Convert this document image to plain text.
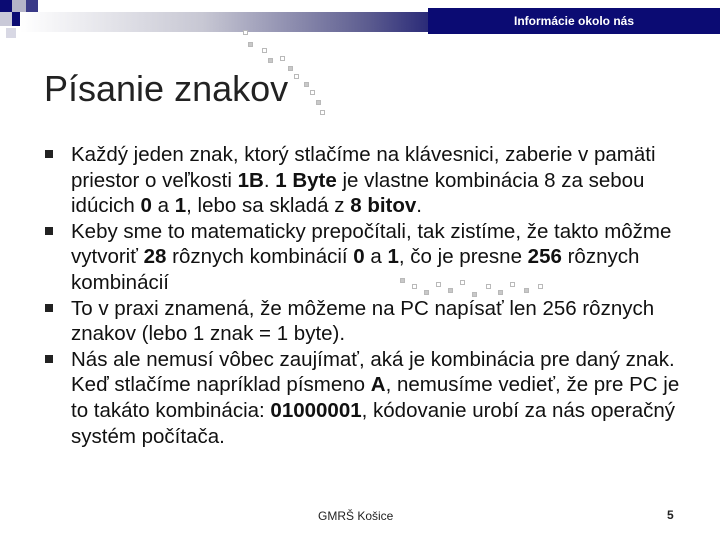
Informácie okolo nás
Písanie znakov
Každý jeden znak, ktorý stlačíme na klávesnici, zaberie v pamäti priestor o veľkosti 1B. 1 Byte je vlastne kombinácia 8 za sebou idúcich 0 a 1, lebo sa skladá z 8 bitov.
Keby sme to matematicky prepočítali, tak zistíme, že takto môžme vytvoriť 28 rôznych kombinácií 0 a 1, čo je presne 256 rôznych kombinácií
To v praxi znamená, že môžeme na PC napísať len 256 rôznych znakov (lebo 1 znak = 1 byte).
Nás ale nemusí vôbec zaujímať, aká je kombinácia pre daný znak. Keď stlačíme napríklad písmeno A, nemusíme vedieť, že pre PC je to takáto kombinácia: 01000001, kódovanie urobí za nás operačný systém počítača.
GMRŠ Košice	5
